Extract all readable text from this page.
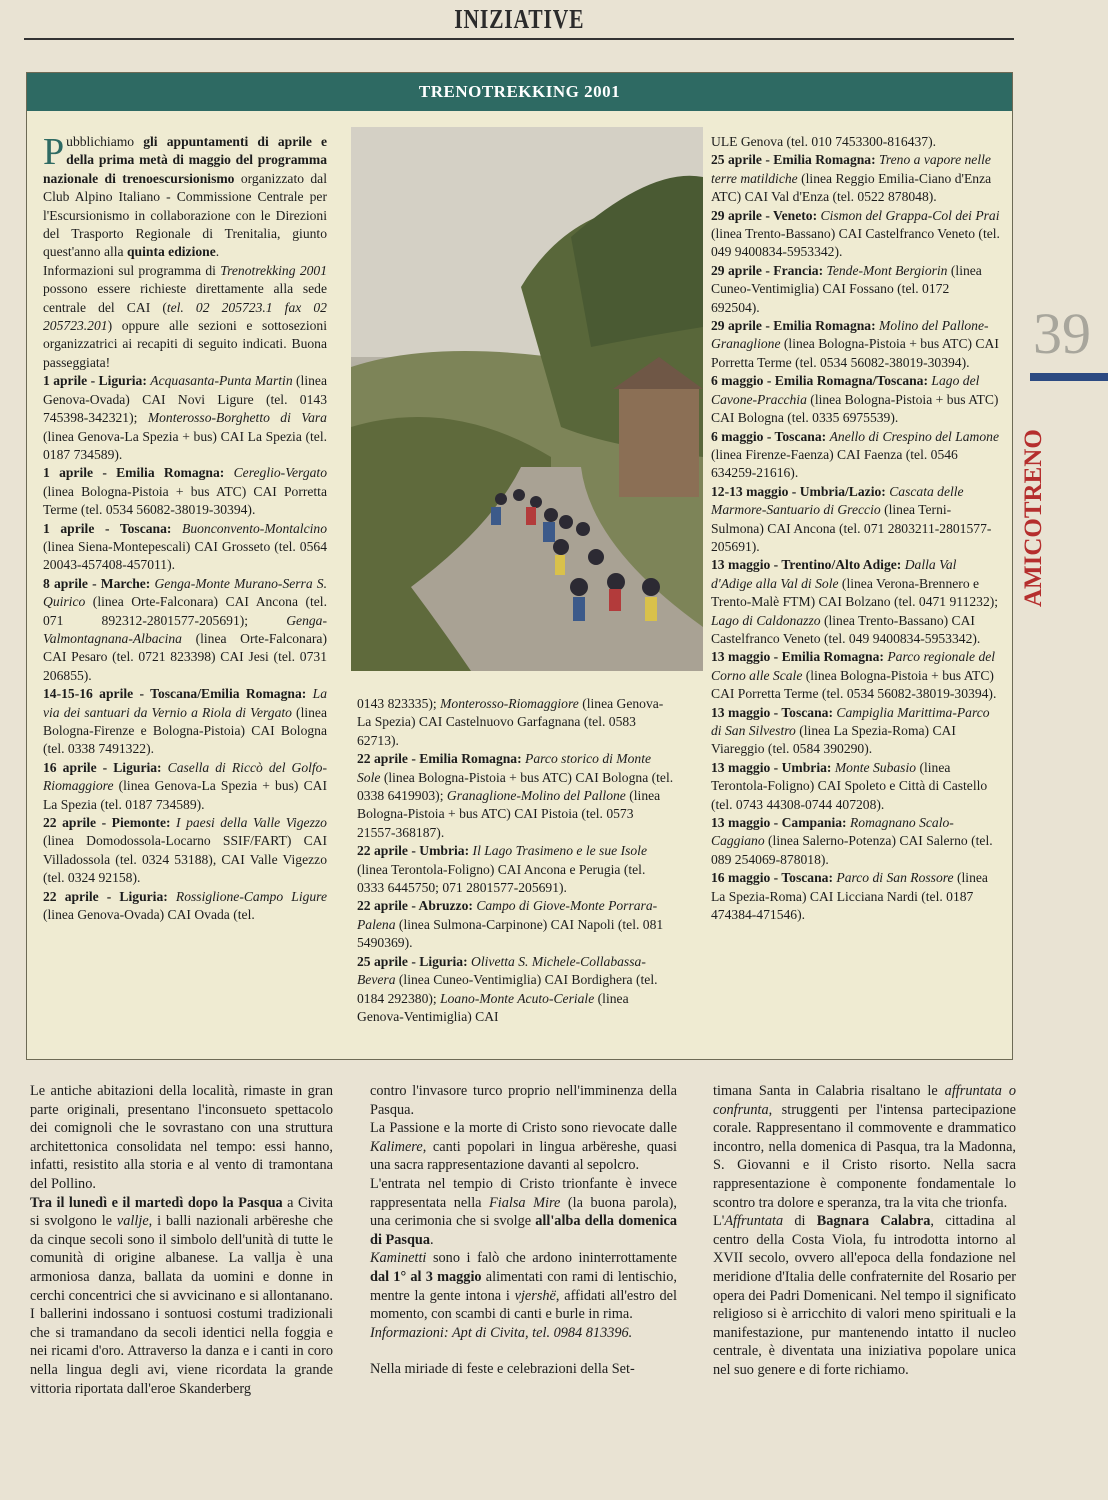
INIZIATIVE
TRENOTREKKING 2001

Pubblichiamo gli appuntamenti di aprile e della prima metà di maggio del programma nazionale di trenoescursionismo organizzato dal Club Alpino Italiano - Commissione Centrale per l'Escursionismo in collaborazione con le Direzioni del Trasporto Regionale di Trenitalia, giunto quest'anno alla quinta edizione.

Informazioni sul programma di Trenotrekking 2001 possono essere richieste direttamente alla sede centrale del CAI (tel. 02 205723.1 fax 02 205723.201) oppure alle sezioni e sottosezioni organizzatrici ai recapiti di seguito indicati. Buona passeggiata!

1 aprile - Liguria: Acquasanta-Punta Martin (linea Genova-Ovada) CAI Novi Ligure (tel. 0143 745398-342321); Monterosso-Borghetto di Vara (linea Genova-La Spezia + bus) CAI La Spezia (tel. 0187 734589).

1 aprile - Emilia Romagna: Cereglio-Vergato (linea Bologna-Pistoia + bus ATC) CAI Porretta Terme (tel. 0534 56082-38019-30394).

1 aprile - Toscana: Buonconvento-Montalcino (linea Siena-Montepescali) CAI Grosseto (tel. 0564 20043-457408-457011).

8 aprile - Marche: Genga-Monte Murano-Serra S. Quirico (linea Orte-Falconara) CAI Ancona (tel. 071 892312-2801577-205691); Genga-Valmontagnana-Albacina (linea Orte-Falconara) CAI Pesaro (tel. 0721 823398) CAI Jesi (tel. 0731 206855).

14-15-16 aprile - Toscana/Emilia Romagna: La via dei santuari da Vernio a Riola di Vergato (linea Bologna-Firenze e Bologna-Pistoia) CAI Bologna (tel. 0338 7491322).

16 aprile - Liguria: Casella di Riccò del Golfo-Riomaggiore (linea Genova-La Spezia + bus) CAI La Spezia (tel. 0187 734589).

22 aprile - Piemonte: I paesi della Valle Vigezzo (linea Domodossola-Locarno SSIF/FART) CAI Villadossola (tel. 0324 53188), CAI Valle Vigezzo (tel. 0324 92158).

22 aprile - Liguria: Rossiglione-Campo Ligure (linea Genova-Ovada) CAI Ovada (tel.

0143 823335); Monterosso-Riomaggiore (linea Genova-La Spezia) CAI Castelnuovo Garfagnana (tel. 0583 62713).

22 aprile - Emilia Romagna: Parco storico di Monte Sole (linea Bologna-Pistoia + bus ATC) CAI Bologna (tel. 0338 6419903); Granaglione-Molino del Pallone (linea Bologna-Pistoia + bus ATC) CAI Pistoia (tel. 0573 21557-368187).

22 aprile - Umbria: Il Lago Trasimeno e le sue Isole (linea Terontola-Foligno) CAI Ancona e Perugia (tel. 0333 6445750; 071 2801577-205691).

22 aprile - Abruzzo: Campo di Giove-Monte Porrara-Palena (linea Sulmona-Carpinone) CAI Napoli (tel. 081 5490369).

25 aprile - Liguria: Olivetta S. Michele-Collabassa-Bevera (linea Cuneo-Ventimiglia) CAI Bordighera (tel. 0184 292380); Loano-Monte Acuto-Ceriale (linea Genova-Ventimiglia) CAI

ULE Genova (tel. 010 7453300-816437).

25 aprile - Emilia Romagna: Treno a vapore nelle terre matildiche (linea Reggio Emilia-Ciano d'Enza ATC) CAI Val d'Enza (tel. 0522 878048).

29 aprile - Veneto: Cismon del Grappa-Col dei Prai (linea Trento-Bassano) CAI Castelfranco Veneto (tel. 049 9400834-5953342).

29 aprile - Francia: Tende-Mont Bergiorin (linea Cuneo-Ventimiglia) CAI Fossano (tel. 0172 692504).

29 aprile - Emilia Romagna: Molino del Pallone-Granaglione (linea Bologna-Pistoia + bus ATC) CAI Porretta Terme (tel. 0534 56082-38019-30394).

6 maggio - Emilia Romagna/Toscana: Lago del Cavone-Pracchia (linea Bologna-Pistoia + bus ATC) CAI Bologna (tel. 0335 6975539).

6 maggio - Toscana: Anello di Crespino del Lamone (linea Firenze-Faenza) CAI Faenza (tel. 0546 634259-21616).

12-13 maggio - Umbria/Lazio: Cascata delle Marmore-Santuario di Greccio (linea Terni-Sulmona) CAI Ancona (tel. 071 2803211-2801577-205691).

13 maggio - Trentino/Alto Adige: Dalla Val d'Adige alla Val di Sole (linea Verona-Brennero e Trento-Malè FTM) CAI Bolzano (tel. 0471 911232); Lago di Caldonazzo (linea Trento-Bassano) CAI Castelfranco Veneto (tel. 049 9400834-5953342).

13 maggio - Emilia Romagna: Parco regionale del Corno alle Scale (linea Bologna-Pistoia + bus ATC) CAI Porretta Terme (tel. 0534 56082-38019-30394).

13 maggio - Toscana: Campiglia Marittima-Parco di San Silvestro (linea La Spezia-Roma) CAI Viareggio (tel. 0584 390290).

13 maggio - Umbria: Monte Subasio (linea Terontola-Foligno) CAI Spoleto e Città di Castello (tel. 0743 44308-0744 407208).

13 maggio - Campania: Romagnano Scalo-Caggiano (linea Salerno-Potenza) CAI Salerno (tel. 089 254069-878018).

16 maggio - Toscana: Parco di San Rossore (linea La Spezia-Roma) CAI Licciana Nardi (tel. 0187 474384-471546).

Le antiche abitazioni della località, rimaste in gran parte originali, presentano l'inconsueto spettacolo dei comignoli che le sovrastano con una struttura architettonica consolidata nel tempo: essi hanno, infatti, resistito alla storia e al vento di tramontana del Pollino.

Tra il lunedì e il martedì dopo la Pasqua a Civita si svolgono le vallje, i balli nazionali arbëreshe che da cinque secoli sono il simbolo dell'unità di tutte le comunità di origine albanese. La vallja è una armoniosa danza, ballata da uomini e donne in cerchi concentrici che si avvicinano e si allontanano. I ballerini indossano i sontuosi costumi tradizionali che si tramandano da secoli identici nella foggia e nei ricami d'oro. Attraverso la danza e i canti in coro nella lingua degli avi, viene ricordata la grande vittoria riportata dall'eroe Skanderberg

contro l'invasore turco proprio nell'imminenza della Pasqua.

La Passione e la morte di Cristo sono rievocate dalle Kalimere, canti popolari in lingua arbëreshe, quasi una sacra rappresentazione davanti al sepolcro.

L'entrata nel tempio di Cristo trionfante è invece rappresentata nella Fialsa Mire (la buona parola), una cerimonia che si svolge all'alba della domenica di Pasqua.

Kaminetti sono i falò che ardono ininterrottamente dal 1° al 3 maggio alimentati con rami di lentischio, mentre la gente intona i vjershë, affidati all'estro del momento, con scambi di canti e burle in rima.

Informazioni: Apt di Civita, tel. 0984 813396.

Nella miriade di feste e celebrazioni della Set-

timana Santa in Calabria risaltano le affruntata o confrunta, struggenti per l'intensa partecipazione corale. Rappresentano il commovente e drammatico incontro, nella domenica di Pasqua, tra la Madonna, S. Giovanni e il Cristo risorto. Nella sacra rappresentazione è componente fondamentale lo scontro tra dolore e speranza, tra la vita che trionfa.

L'Affruntata di Bagnara Calabra, cittadina al centro della Costa Viola, fu introdotta intorno al XVII secolo, ovvero all'epoca della fondazione nel meridione d'Italia delle confraternite del Rosario per opera dei Padri Domenicani. Nel tempo il significato religioso si è arricchito di valori meno spirituali e la manifestazione, pur mantenendo intatto il nucleo centrale, è diventata una iniziativa popolare unica nel suo genere e di forte richiamo.

39
AMICOTRENO
